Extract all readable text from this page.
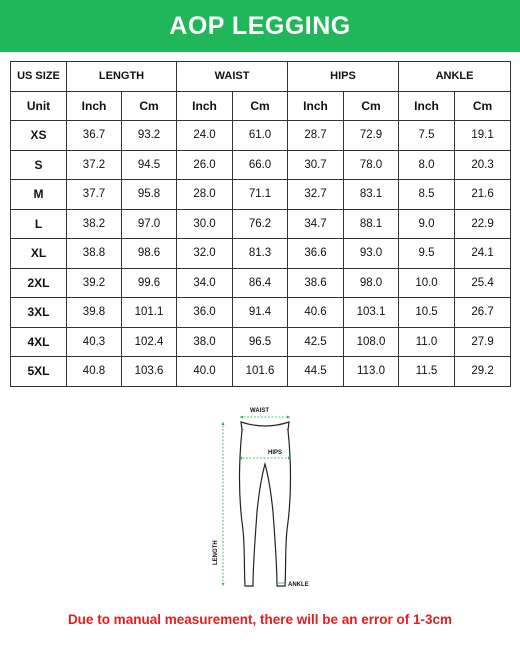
AOP LEGGING
US SIZE	LENGTH		WAIST		HIPS		ANKLE	
Unit	Inch	Cm	Inch	Cm	Inch	Cm	Inch	Cm
XS	36.7	93.2	24.0	61.0	28.7	72.9	7.5	19.1
S	37.2	94.5	26.0	66.0	30.7	78.0	8.0	20.3
M	37.7	95.8	28.0	71.1	32.7	83.1	8.5	21.6
L	38.2	97.0	30.0	76.2	34.7	88.1	9.0	22.9
XL	38.8	98.6	32.0	81.3	36.6	93.0	9.5	24.1
2XL	39.2	99.6	34.0	86.4	38.6	98.0	10.0	25.4
3XL	39.8	101.1	36.0	91.4	40.6	103.1	10.5	26.7
4XL	40.3	102.4	38.0	96.5	42.5	108.0	11.0	27.9
5XL	40.8	103.6	40.0	101.6	44.5	113.0	11.5	29.2
WAIST
HIPS
LENGTH
ANKLE
Due to manual measurement, there will be an error of 1-3cm
